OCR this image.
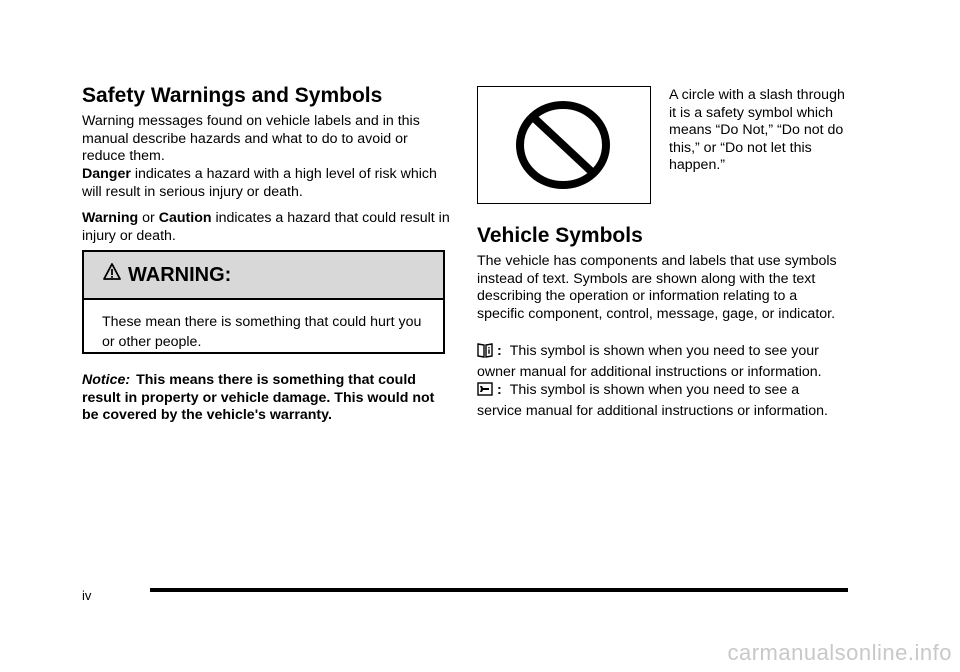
Safety Warnings and Symbols

Warning messages found on vehicle labels and in this manual describe hazards and what to do to avoid or reduce them.

Danger indicates a hazard with a high level of risk which will result in serious injury or death.

Warning or Caution indicates a hazard that could result in injury or death.

WARNING:
These mean there is something that could hurt you or other people.

Notice: This means there is something that could result in property or vehicle damage. This would not be covered by the vehicle's warranty.

A circle with a slash through it is a safety symbol which means “Do Not,” “Do not do this,” or “Do not let this happen.”

Vehicle Symbols

The vehicle has components and labels that use symbols instead of text. Symbols are shown along with the text describing the operation or information relating to a specific component, control, message, gage, or indicator.

: This symbol is shown when you need to see your owner manual for additional instructions or information.

: This symbol is shown when you need to see a service manual for additional instructions or information.

iv
carmanualsonline.info
